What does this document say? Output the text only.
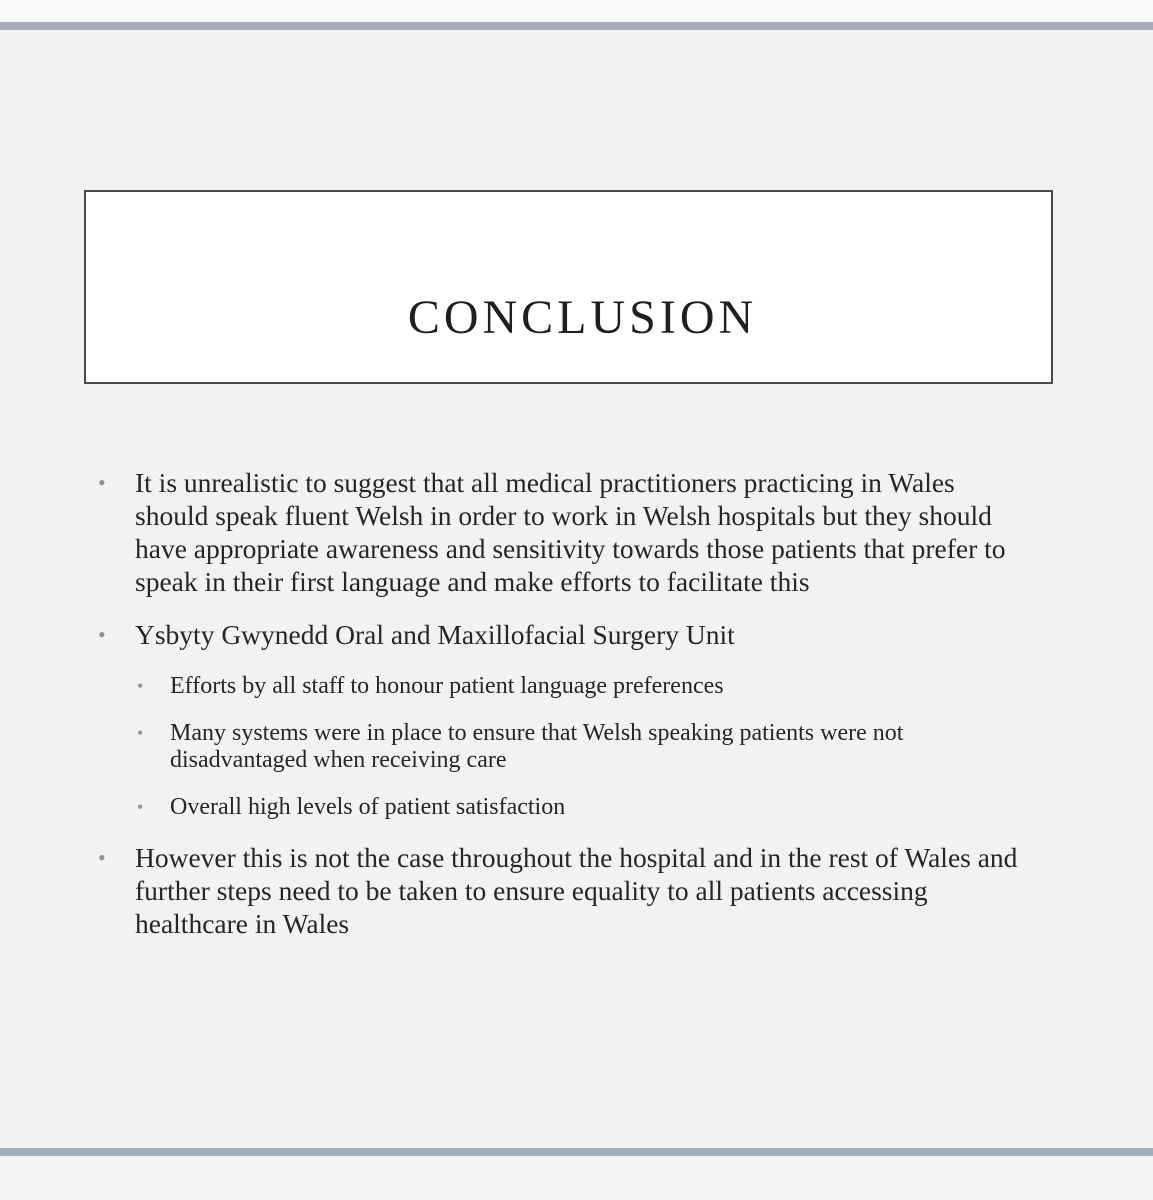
CONCLUSION
• It is unrealistic to suggest that all medical practitioners practicing in Wales should speak fluent Welsh in order to work in Welsh hospitals but they should have appropriate awareness and sensitivity towards those patients that prefer to speak in their first language and make efforts to facilitate this
• Ysbyty Gwynedd Oral and Maxillofacial Surgery Unit
• Efforts by all staff to honour patient language preferences
• Many systems were in place to ensure that Welsh speaking patients were not disadvantaged when receiving care
• Overall high levels of patient satisfaction
• However this is not the case throughout the hospital and in the rest of Wales and further steps need to be taken to ensure equality to all patients accessing healthcare in Wales
